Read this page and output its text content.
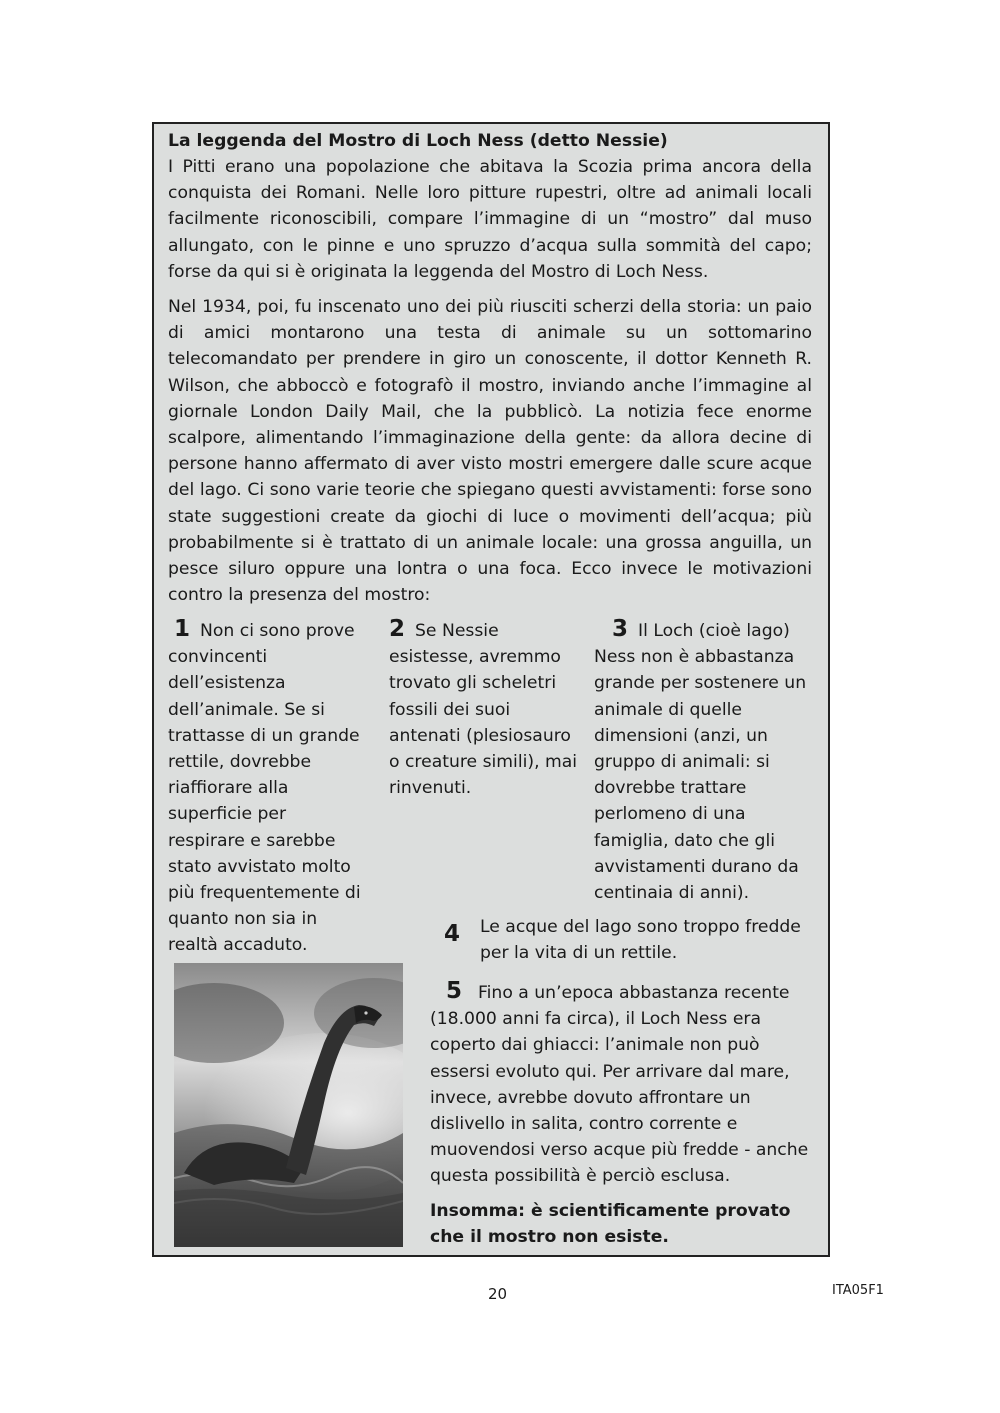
La leggenda del Mostro di Loch Ness (detto Nessie)
I Pitti erano una popolazione che abitava la Scozia prima ancora della conquista dei Romani. Nelle loro pitture rupestri, oltre ad animali locali facilmente riconoscibili, compare l’immagine di un “mostro” dal muso allungato, con le pinne e uno spruzzo d’acqua sulla sommità del capo; forse da qui si è originata la leggenda del Mostro di Loch Ness.
Nel 1934, poi, fu inscenato uno dei più riusciti scherzi della storia: un paio di amici montarono una testa di animale su un sottomarino telecomandato per prendere in giro un conoscente, il dottor Kenneth R. Wilson, che abboccò e fotografò il mostro, inviando anche l’immagine al giornale London Daily Mail, che la pubblicò. La notizia fece enorme scalpore, alimentando l’immaginazione della gente: da allora decine di persone hanno affermato di aver visto mostri emergere dalle scure acque del lago. Ci sono varie teorie che spiegano questi avvistamenti: forse sono state suggestioni create da giochi di luce o movimenti dell’acqua; più probabilmente si è trattato di un animale locale: una grossa anguilla, un pesce siluro oppure una lontra o una foca. Ecco invece le motivazioni contro la presenza del mostro:
1 Non ci sono prove convincenti dell’esistenza dell’animale. Se si trattasse di un grande rettile, dovrebbe riaffiorare alla superficie per respirare e sarebbe stato avvistato molto più frequentemente di quanto non sia in realtà accaduto.
2 Se Nessie esistesse, avremmo trovato gli scheletri fossili dei suoi antenati (plesiosauro o creature simili), mai rinvenuti.
3 Il Loch (cioè lago) Ness non è abbastanza grande per sostenere un animale di quelle dimensioni (anzi, un gruppo di animali: si dovrebbe trattare perlomeno di una famiglia, dato che gli avvistamenti durano da centinaia di anni).
4 Le acque del lago sono troppo fredde per la vita di un rettile.
5 Fino a un’epoca abbastanza recente (18.000 anni fa circa), il Loch Ness era coperto dai ghiacci: l’animale non può essersi evoluto qui. Per arrivare dal mare, invece, avrebbe dovuto affrontare un dislivello in salita, contro corrente e muovendosi verso acque più fredde - anche questa possibilità è perciò esclusa.
Insomma: è scientificamente provato che il mostro non esiste.
20	ITA05F1
